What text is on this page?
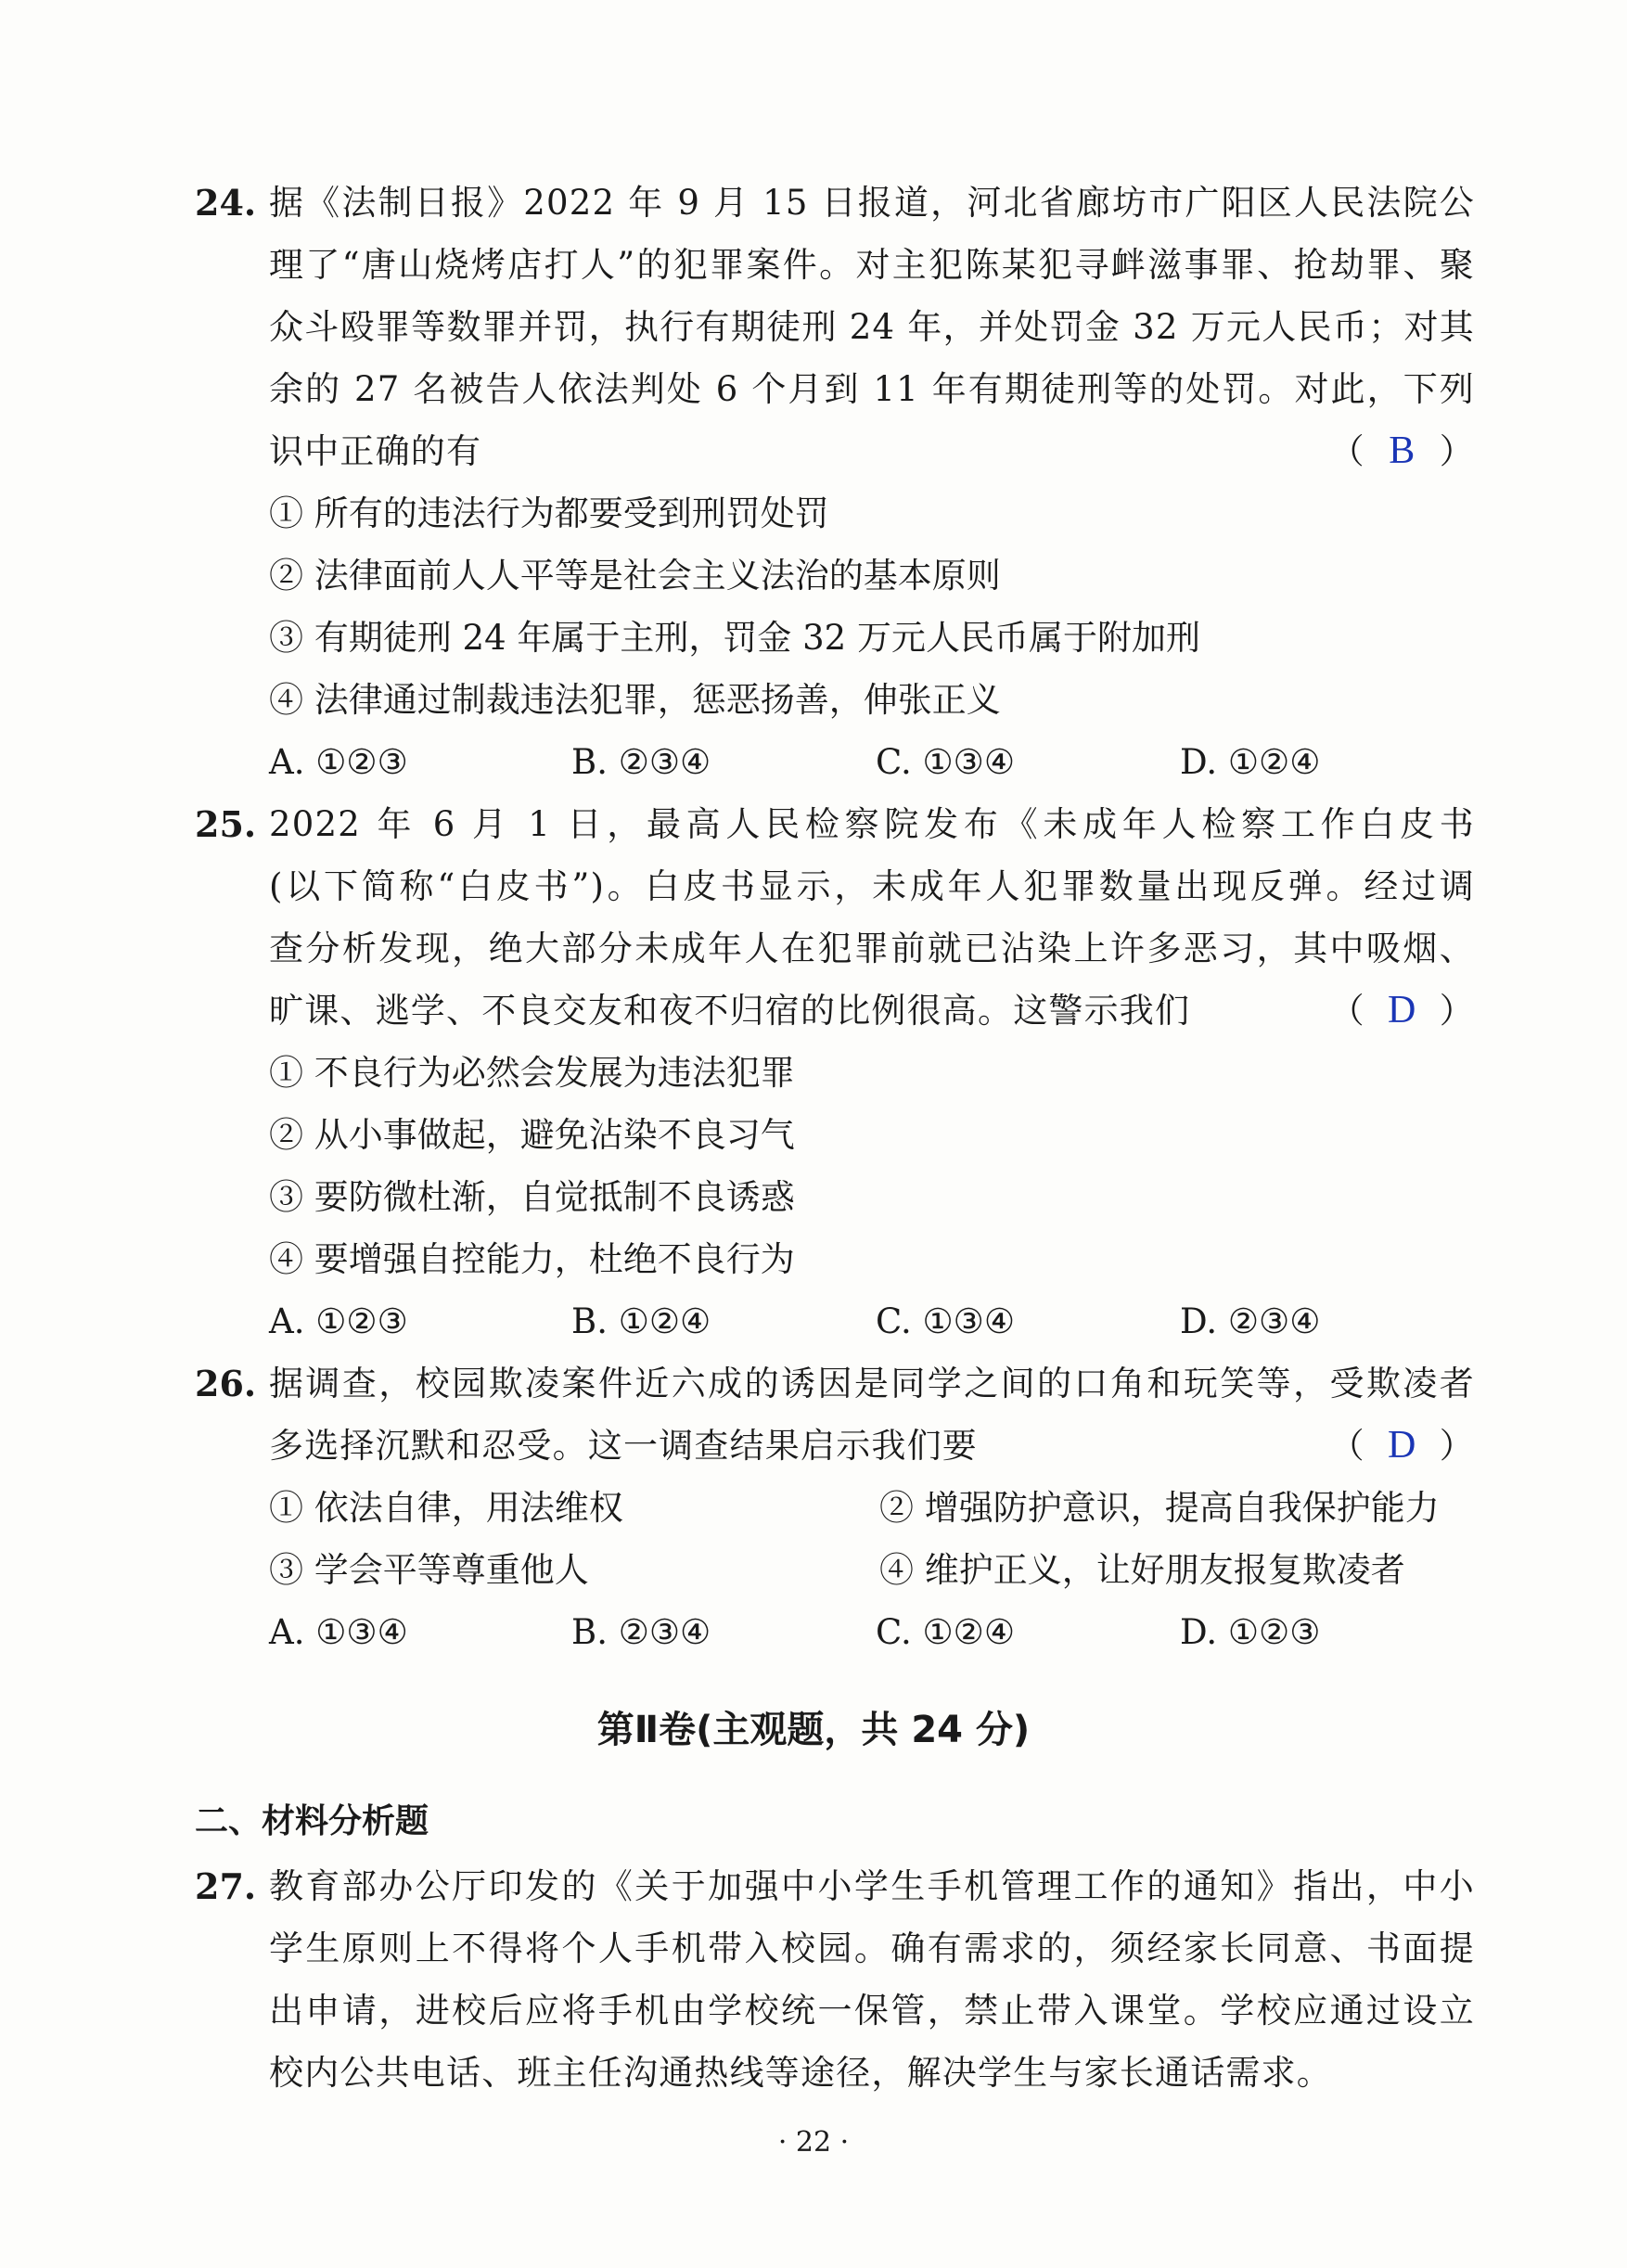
24. 据《法制日报》2022 年 9 月 15 日报道，河北省廊坊市广阳区人民法院公
理了“唐山烧烤店打人”的犯罪案件。对主犯陈某犯寻衅滋事罪、抢劫罪、聚
众斗殴罪等数罪并罚，执行有期徒刑 24 年，并处罚金 32 万元人民币；对其
余的 27 名被告人依法判处 6 个月到 11 年有期徒刑等的处罚。对此，下列
识中正确的有	（ B ）
① 所有的违法行为都要受到刑罚处罚
② 法律面前人人平等是社会主义法治的基本原则
③ 有期徒刑 24 年属于主刑，罚金 32 万元人民币属于附加刑
④ 法律通过制裁违法犯罪，惩恶扬善，伸张正义
A. ①②③	B. ②③④	C. ①③④	D. ①②④
25. 2022 年 6 月 1 日，最高人民检察院发布《未成年人检察工作白皮书
(以下简称“白皮书”)。白皮书显示，未成年人犯罪数量出现反弹。经过调
查分析发现，绝大部分未成年人在犯罪前就已沾染上许多恶习，其中吸烟、
旷课、逃学、不良交友和夜不归宿的比例很高。这警示我们	（ D ）
① 不良行为必然会发展为违法犯罪
② 从小事做起，避免沾染不良习气
③ 要防微杜渐，自觉抵制不良诱惑
④ 要增强自控能力，杜绝不良行为
A. ①②③	B. ①②④	C. ①③④	D. ②③④
26. 据调查，校园欺凌案件近六成的诱因是同学之间的口角和玩笑等，受欺凌者
多选择沉默和忍受。这一调查结果启示我们要	（ D ）
① 依法自律，用法维权	② 增强防护意识，提高自我保护能力
③ 学会平等尊重他人	④ 维护正义，让好朋友报复欺凌者
A. ①③④	B. ②③④	C. ①②④	D. ①②③
第Ⅱ卷(主观题，共 24 分)
二、材料分析题
27. 教育部办公厅印发的《关于加强中小学生手机管理工作的通知》指出，中小
学生原则上不得将个人手机带入校园。确有需求的，须经家长同意、书面提
出申请，进校后应将手机由学校统一保管，禁止带入课堂。学校应通过设立
校内公共电话、班主任沟通热线等途径，解决学生与家长通话需求。
· 22 ·
